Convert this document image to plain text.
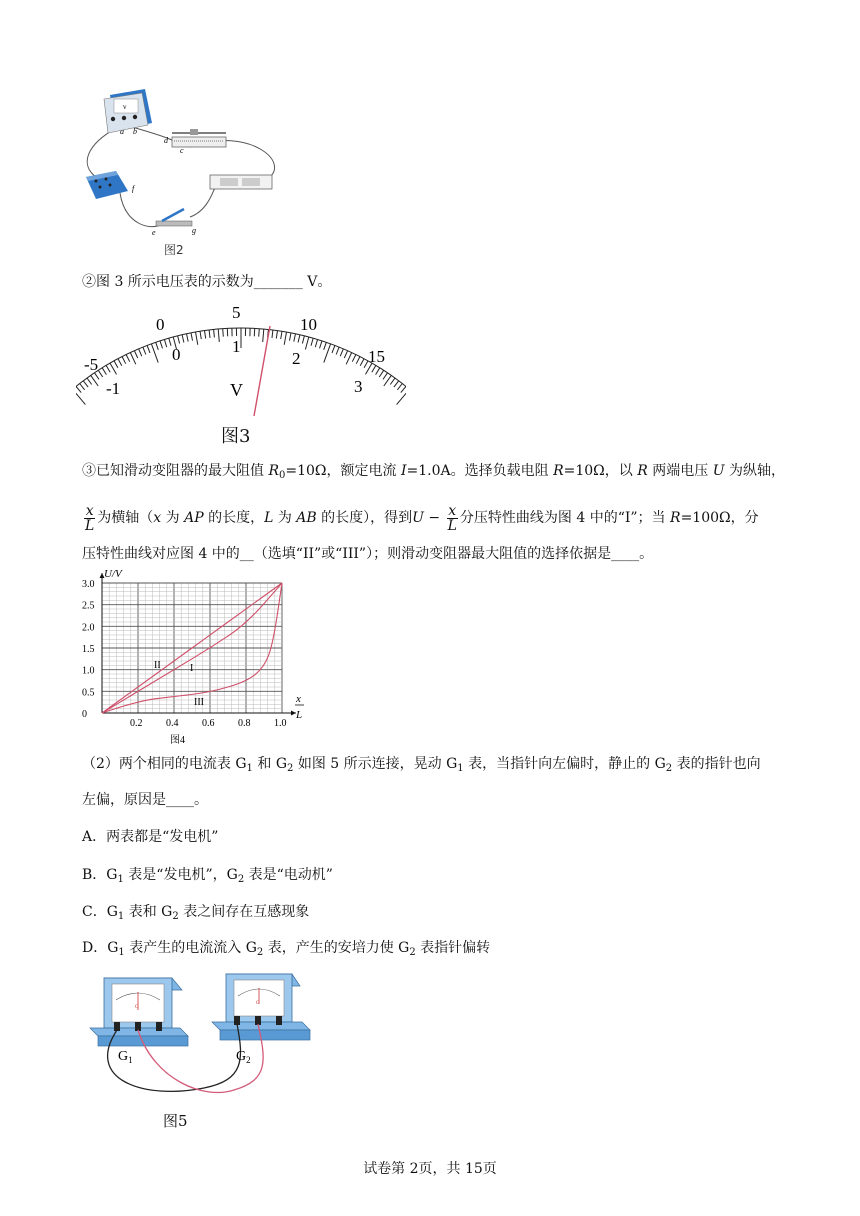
v
a b
d
c
f
e	g
图2
②图 3 所示电压表的示数为_______ V。
-5
0
5
10
15
-1
0	1
2
3
V
图3
③已知滑动变阻器的最大阻值 $R_0=10\Omega$，额定电流 I=1.0A。选择负载电阻 R=10Ω，以 R 两端电压 U 为纵轴，
$\frac{x}{L}$ 为横轴（x 为 AP 的长度，L 为 AB 的长度），得到$U - \frac{x}{L}$ 分压特性曲线为图 4 中的“I”；当 R=100Ω，分
压特性曲线对应图 4 中的__（选填“II”或“III”）；则滑动变阻器最大阻值的选择依据是____。
3.0
2.5
2.0
1.5
1.0
0.5
0.2 0.4 0.6 0.8 1.0
U/V
x
L
0
II	I
III
图4
（2）两个相同的电流表 $G_1$ 和 $G_2$ 如图 5 所示连接，晃动 $G_1$ 表，当指针向左偏时，静止的 $G_2$ 表的指针也向
左偏，原因是____。
A．两表都是“发电机”
B．$G_1$ 表是“发电机”，$G_2$ 表是“电动机”
C．$G_1$ 表和 $G_2$ 表之间存在互感现象
D．$G_1$ 表产生的电流流入 $G_2$ 表，产生的安培力使 $G_2$ 表指针偏转
G
G
$G_1$	$G_2$
图5
试卷第 2页，共 15页
